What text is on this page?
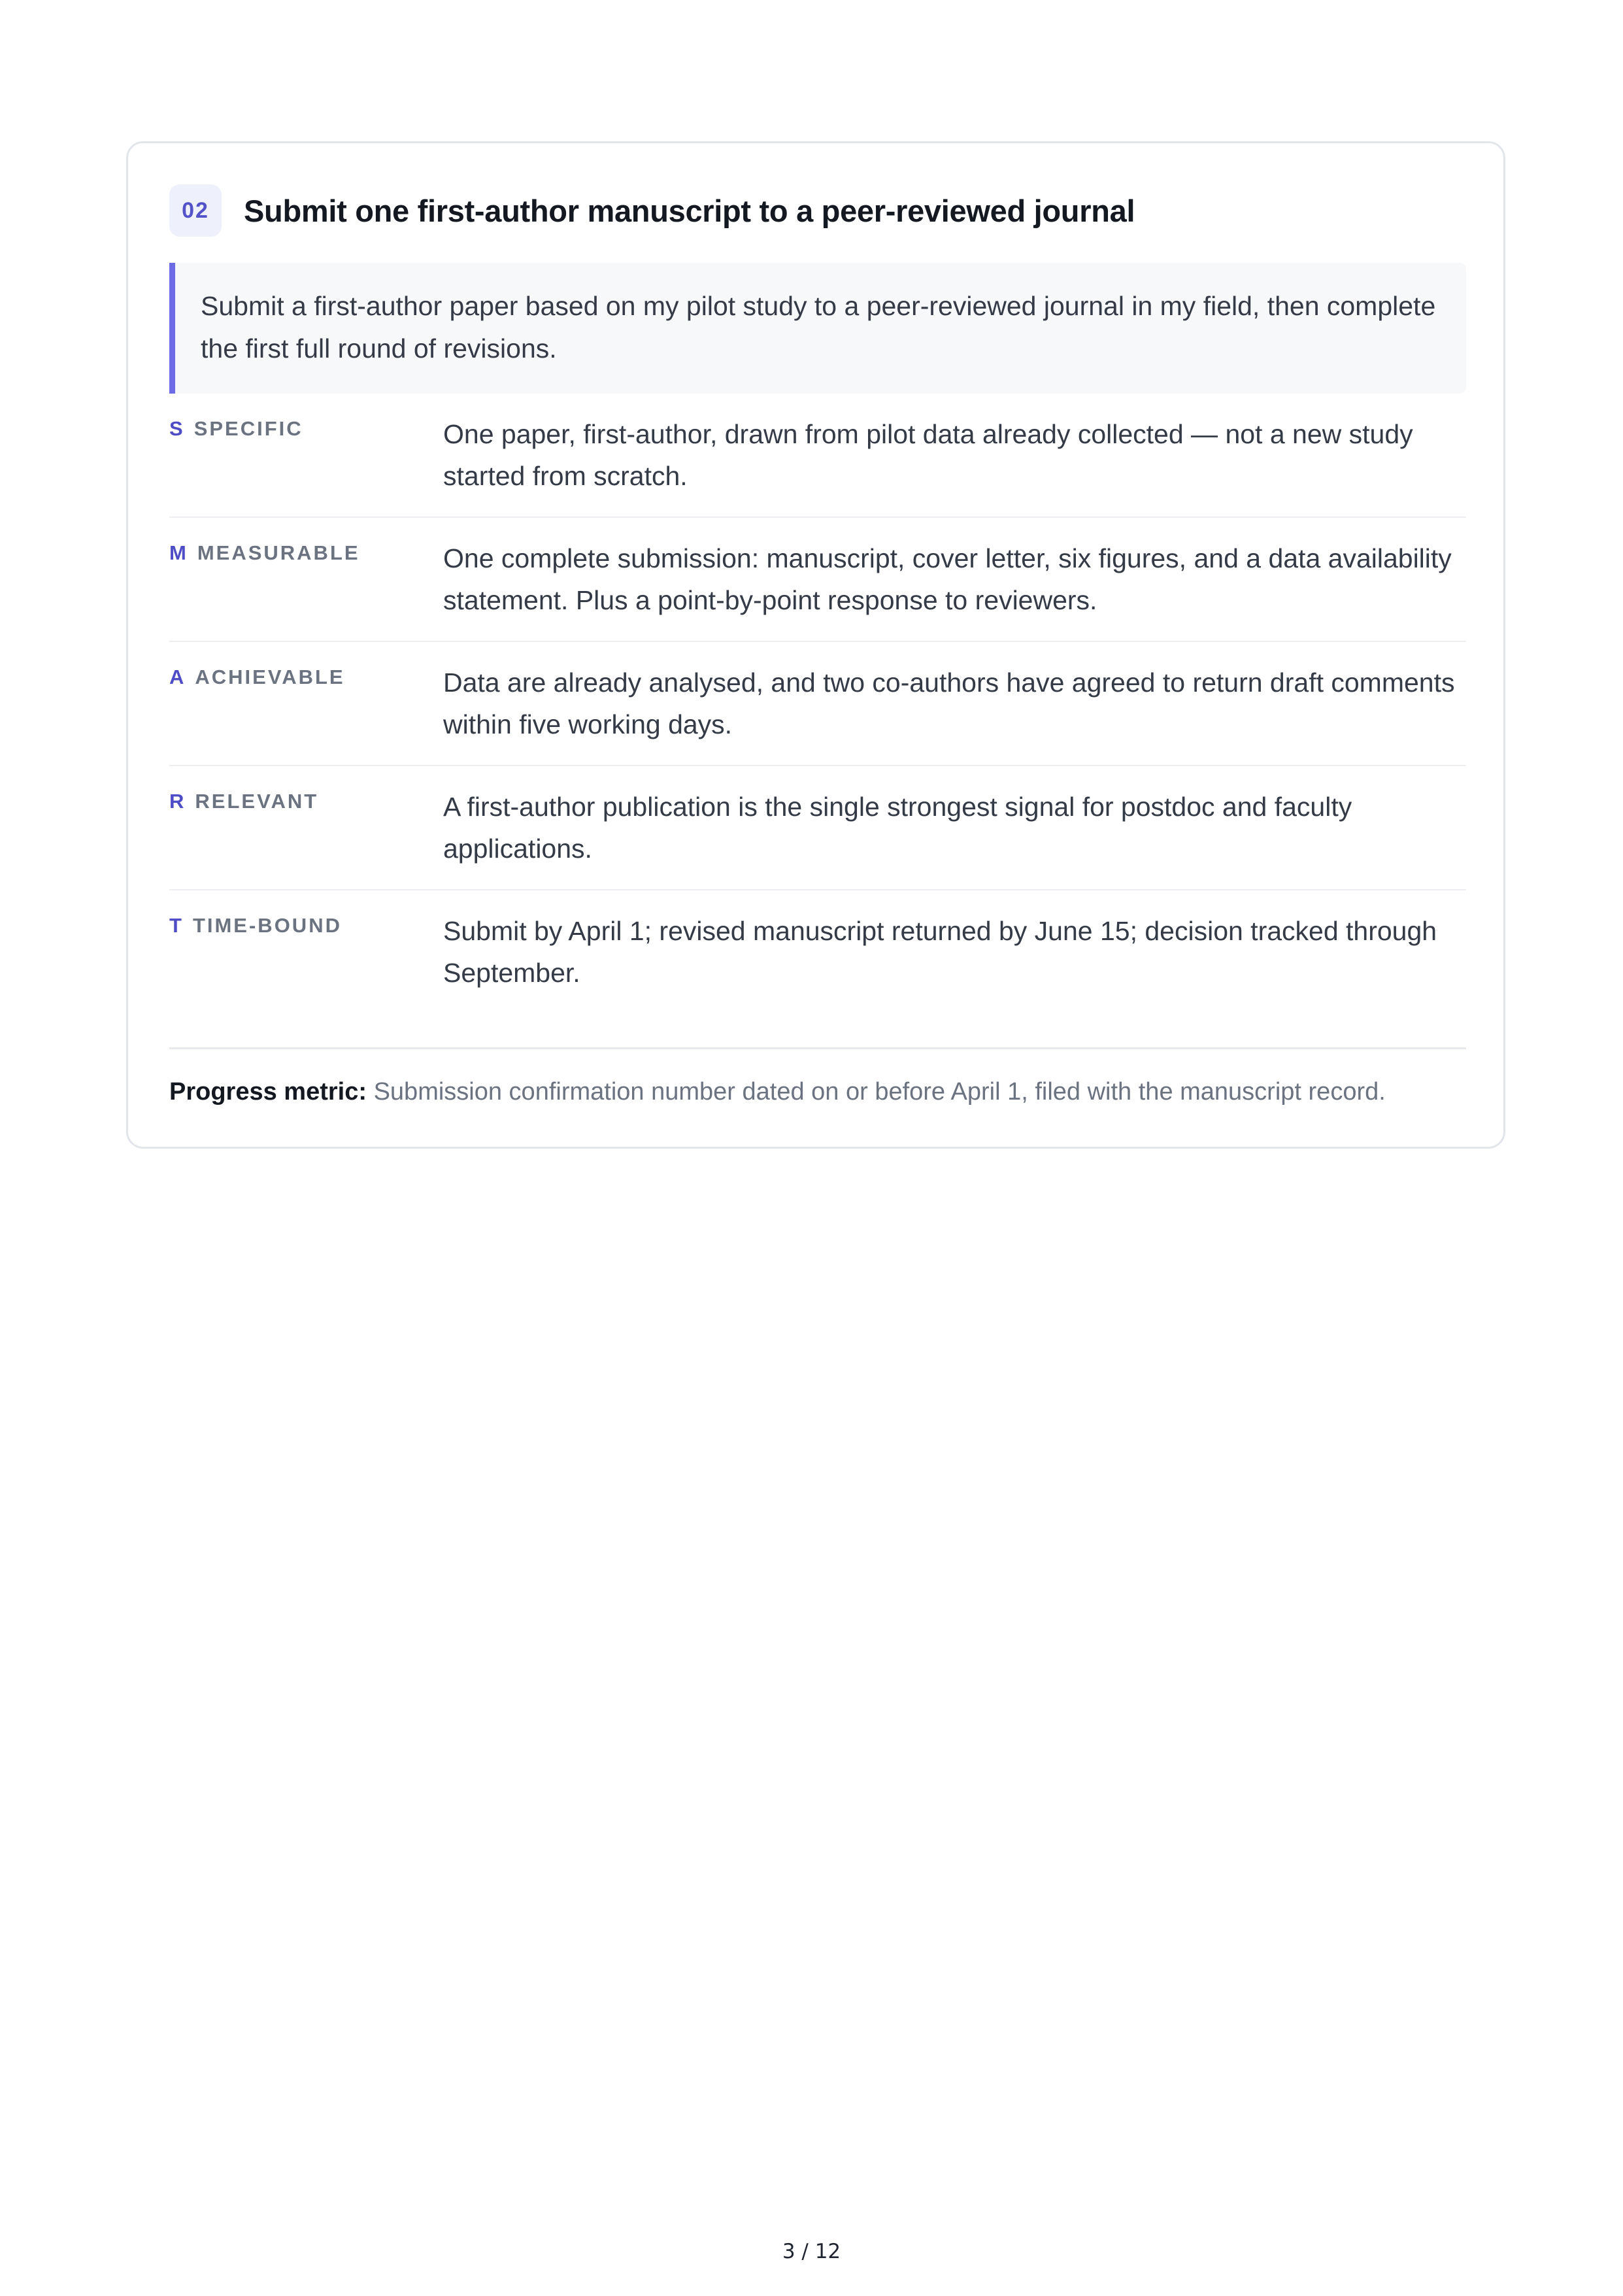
02	Submit one first-author manuscript to a peer-reviewed journal
Submit a first-author paper based on my pilot study to a peer-reviewed journal in my field, then complete the first full round of revisions.
S SPECIFIC	One paper, first-author, drawn from pilot data already collected — not a new study started from scratch.
M MEASURABLE	One complete submission: manuscript, cover letter, six figures, and a data availability statement. Plus a point-by-point response to reviewers.
A ACHIEVABLE	Data are already analysed, and two co-authors have agreed to return draft comments within five working days.
R RELEVANT	A first-author publication is the single strongest signal for postdoc and faculty applications.
T TIME-BOUND	Submit by April 1; revised manuscript returned by June 15; decision tracked through September.
Progress metric: Submission confirmation number dated on or before April 1, filed with the manuscript record.
3 / 12
